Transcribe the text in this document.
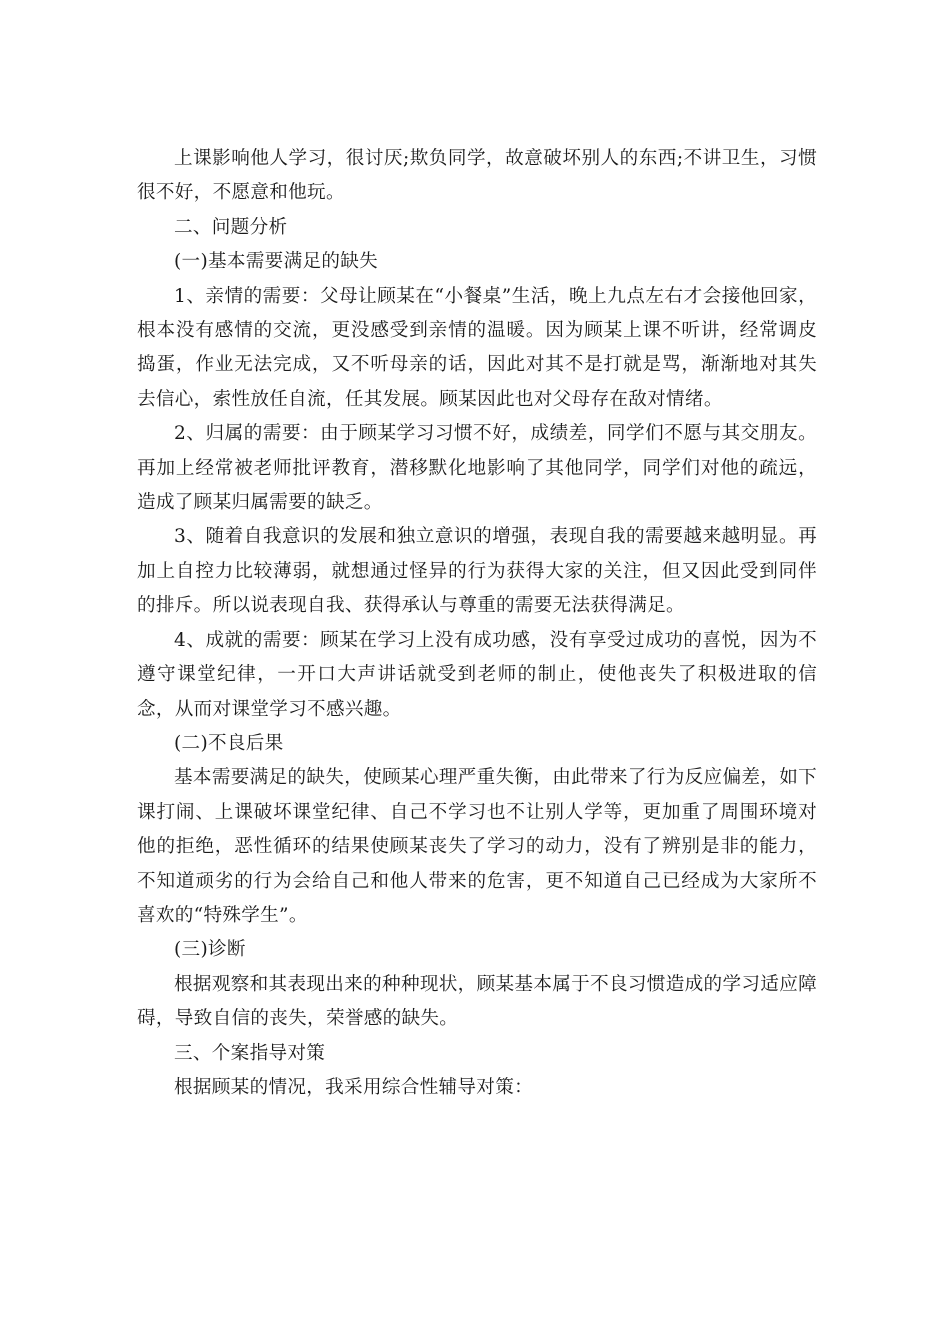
上课影响他人学习，很讨厌;欺负同学，故意破坏别人的东西;不讲卫生，习惯很不好，不愿意和他玩。

二、问题分析

(一)基本需要满足的缺失

1、亲情的需要：父母让顾某在“小餐桌”生活，晚上九点左右才会接他回家，根本没有感情的交流，更没感受到亲情的温暖。因为顾某上课不听讲，经常调皮捣蛋，作业无法完成，又不听母亲的话，因此对其不是打就是骂，渐渐地对其失去信心，索性放任自流，任其发展。顾某因此也对父母存在敌对情绪。

2、归属的需要：由于顾某学习习惯不好，成绩差，同学们不愿与其交朋友。再加上经常被老师批评教育，潜移默化地影响了其他同学，同学们对他的疏远，造成了顾某归属需要的缺乏。

3、随着自我意识的发展和独立意识的增强，表现自我的需要越来越明显。再加上自控力比较薄弱，就想通过怪异的行为获得大家的关注，但又因此受到同伴的排斥。所以说表现自我、获得承认与尊重的需要无法获得满足。

4、成就的需要：顾某在学习上没有成功感，没有享受过成功的喜悦，因为不遵守课堂纪律，一开口大声讲话就受到老师的制止，使他丧失了积极进取的信念，从而对课堂学习不感兴趣。

(二)不良后果

基本需要满足的缺失，使顾某心理严重失衡，由此带来了行为反应偏差，如下课打闹、上课破坏课堂纪律、自己不学习也不让别人学等，更加重了周围环境对他的拒绝，恶性循环的结果使顾某丧失了学习的动力，没有了辨别是非的能力，不知道顽劣的行为会给自己和他人带来的危害，更不知道自己已经成为大家所不喜欢的“特殊学生”。

(三)诊断

根据观察和其表现出来的种种现状，顾某基本属于不良习惯造成的学习适应障碍，导致自信的丧失，荣誉感的缺失。

三、个案指导对策

根据顾某的情况，我采用综合性辅导对策：
